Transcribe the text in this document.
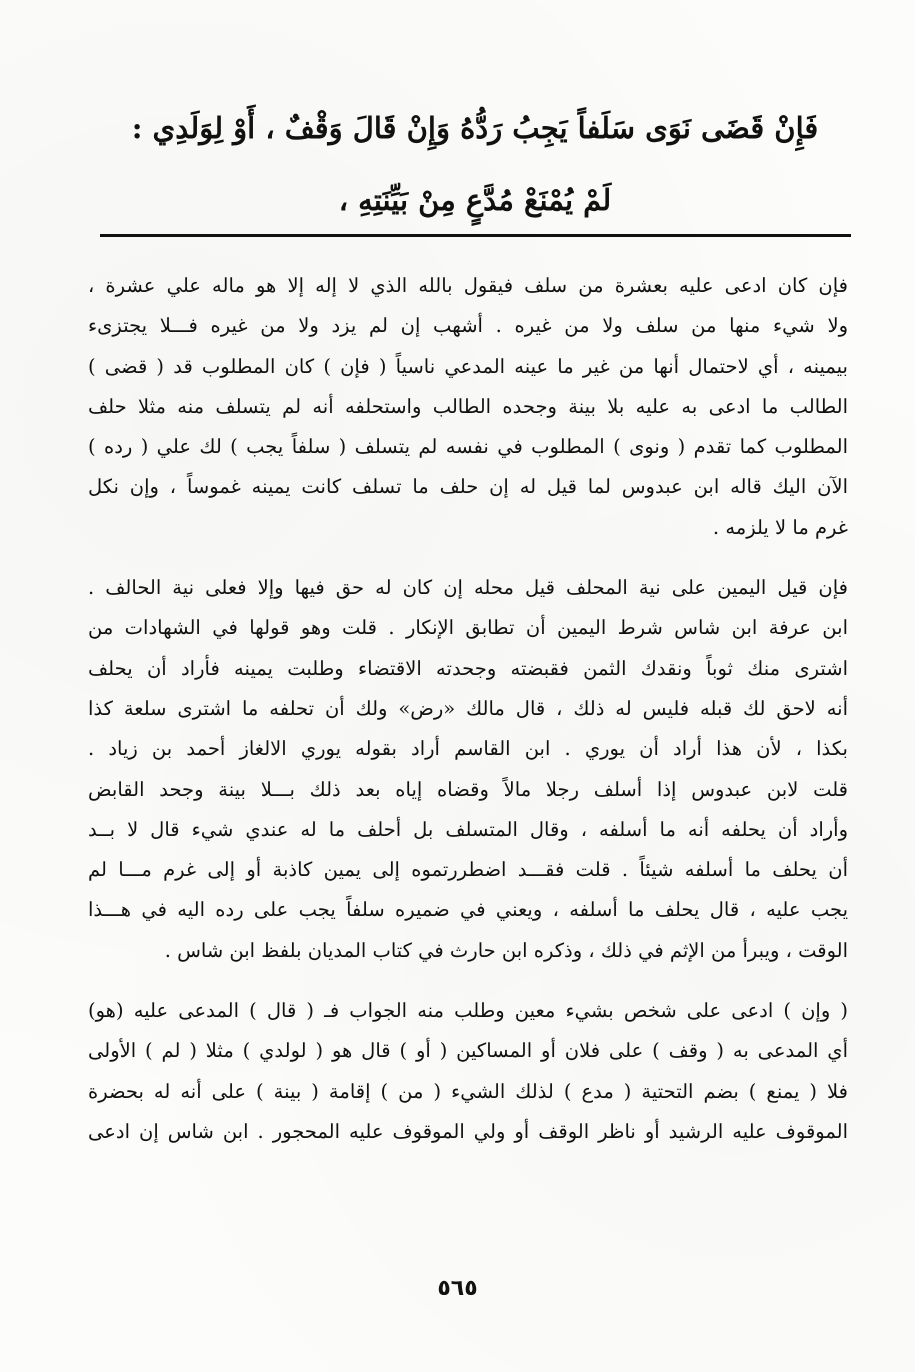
فَإِنْ قَضَى نَوَى سَلَفاً يَجِبُ رَدُّهُ وَإِنْ قَالَ وَقْفٌ ، أَوْ لِوَلَدِي :
لَمْ يُمْنَعْ مُدَّعٍ مِنْ بَيِّنَتِهِ ،
فإن كان ادعى عليه بعشرة من سلف فيقول بالله الذي لا إله إلا هو ماله علي عشرة ،
ولا شيء منها من سلف ولا من غيره . أشهب إن لم يزد ولا من غيره فـــلا يجتزىء
بيمينه ، أي لاحتمال أنها من غير ما عينه المدعي ناسياً ( فإن ) كان المطلوب قد ( قضى )
الطالب ما ادعى به عليه بلا بينة وجحده الطالب واستحلفه أنه لم يتسلف منه مثلا حلف
المطلوب كما تقدم ( ونوى ) المطلوب في نفسه لم يتسلف ( سلفاً يجب ) لك علي ( رده )
الآن اليك قاله ابن عبدوس لما قيل له إن حلف ما تسلف كانت يمينه غموساً ، وإن نكل
غرم ما لا يلزمه .
فإن قيل اليمين على نية المحلف قيل محله إن كان له حق فيها وإلا فعلى نية الحالف .
ابن عرفة ابن شاس شرط اليمين أن تطابق الإنكار . قلت وهو قولها في الشهادات من
اشترى منك ثوباً ونقدك الثمن فقبضته وجحدته الاقتضاء وطلبت يمينه فأراد أن يحلف
أنه لاحق لك قبله فليس له ذلك ، قال مالك «رض» ولك أن تحلفه ما اشترى سلعة كذا
بكذا ، لأن هذا أراد أن يوري . ابن القاسم أراد بقوله يوري الالغاز أحمد بن زياد .
قلت لابن عبدوس إذا أسلف رجلا مالاً وقضاه إياه بعد ذلك بـــلا بينة وجحد القابض
وأراد أن يحلفه أنه ما أسلفه ، وقال المتسلف بل أحلف ما له عندي شيء قال لا بــد
أن يحلف ما أسلفه شيئاً . قلت فقـــد اضطررتموه إلى يمين كاذبة أو إلى غرم مـــا لم
يجب عليه ، قال يحلف ما أسلفه ، ويعني في ضميره سلفاً يجب على رده اليه في هـــذا
الوقت ، ويبرأ من الإثم في ذلك ، وذكره ابن حارث في كتاب المديان بلفظ ابن شاس .
( وإن ) ادعى على شخص بشيء معين وطلب منه الجواب فـ ( قال ) المدعى عليه (هو)
أي المدعى به ( وقف ) على فلان أو المساكين ( أو ) قال هو ( لولدي ) مثلا ( لم ) الأولى
فلا ( يمنع ) بضم التحتية ( مدع ) لذلك الشيء ( من ) إقامة ( بينة ) على أنه له بحضرة
الموقوف عليه الرشيد أو ناظر الوقف أو ولي الموقوف عليه المحجور . ابن شاس إن ادعى
٥٦٥
